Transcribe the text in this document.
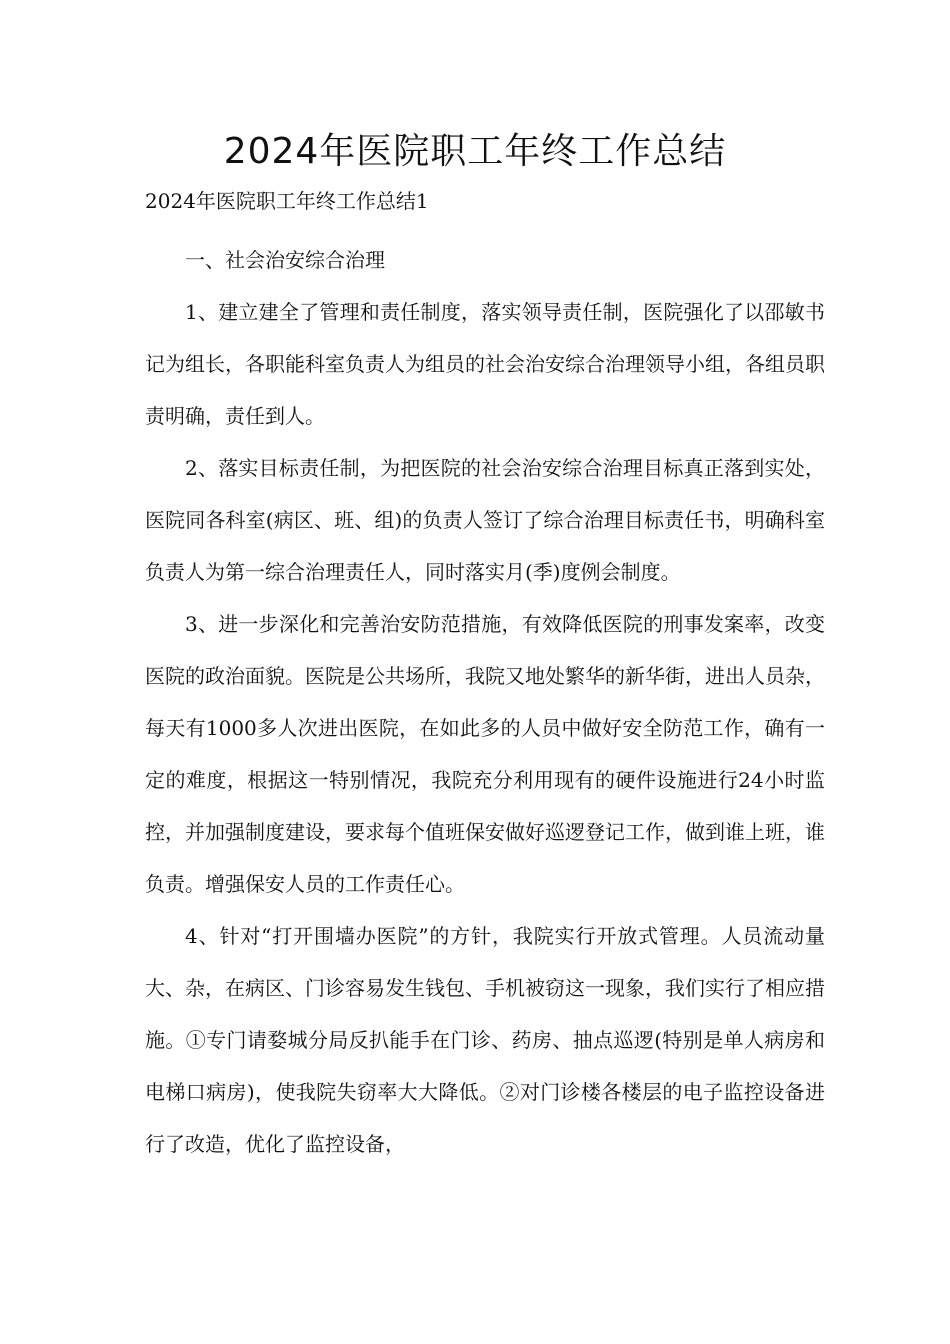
2024年医院职工年终工作总结

2024年医院职工年终工作总结1

一、社会治安综合治理

1、建立建全了管理和责任制度，落实领导责任制，医院强化了以邵敏书记为组长，各职能科室负责人为组员的社会治安综合治理领导小组，各组员职责明确，责任到人。

2、落实目标责任制，为把医院的社会治安综合治理目标真正落到实处，医院同各科室(病区、班、组)的负责人签订了综合治理目标责任书，明确科室负责人为第一综合治理责任人，同时落实月(季)度例会制度。

3、进一步深化和完善治安防范措施，有效降低医院的刑事发案率，改变医院的政治面貌。医院是公共场所，我院又地处繁华的新华街，进出人员杂，每天有1000多人次进出医院，在如此多的人员中做好安全防范工作，确有一定的难度，根据这一特别情况，我院充分利用现有的硬件设施进行24小时监控，并加强制度建设，要求每个值班保安做好巡逻登记工作，做到谁上班，谁负责。增强保安人员的工作责任心。

4、针对“打开围墙办医院”的方针，我院实行开放式管理。人员流动量大、杂，在病区、门诊容易发生钱包、手机被窃这一现象，我们实行了相应措施。①专门请婺城分局反扒能手在门诊、药房、抽点巡逻(特别是单人病房和电梯口病房)，使我院失窃率大大降低。②对门诊楼各楼层的电子监控设备进行了改造，优化了监控设备，
